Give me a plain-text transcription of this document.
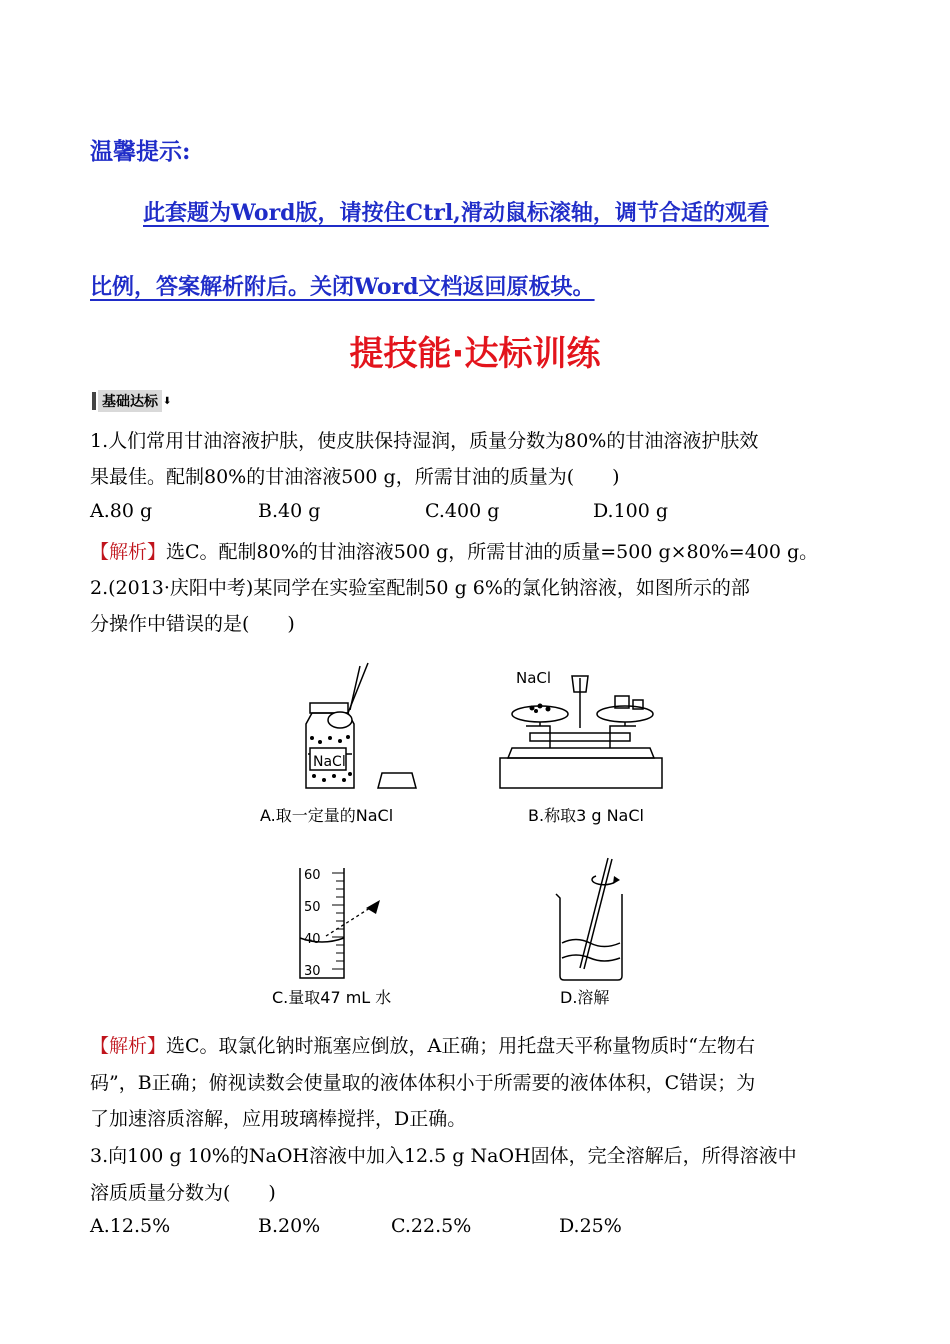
温馨提示:
此套题为Word版，请按住Ctrl,滑动鼠标滚轴，调节合适的观看
比例，答案解析附后。关闭Word文档返回原板块。
提技能·达标训练
基础达标 ⬇
1.人们常用甘油溶液护肤，使皮肤保持湿润，质量分数为80%的甘油溶液护肤效
果最佳。配制80%的甘油溶液500 g，所需甘油的质量为(　　)
A.80 g	B.40 g	C.400 g	D.100 g
【解析】选C。配制80%的甘油溶液500 g，所需甘油的质量=500 g×80%=400 g。
2.(2013·庆阳中考)某同学在实验室配制50 g 6%的氯化钠溶液，如图所示的部
分操作中错误的是(　　)
NaCl
A.取一定量的NaCl
NaCl
B.称取3 g NaCl
60
50
40
30
C.量取47 mL 水	D.溶解
【解析】选C。取氯化钠时瓶塞应倒放，A正确；用托盘天平称量物质时“左物右
码”，B正确；俯视读数会使量取的液体体积小于所需要的液体体积，C错误；为
了加速溶质溶解，应用玻璃棒搅拌，D正确。
3.向100 g 10%的NaOH溶液中加入12.5 g NaOH固体，完全溶解后，所得溶液中
溶质质量分数为(　　)
A.12.5%	B.20%	C.22.5%	D.25%
